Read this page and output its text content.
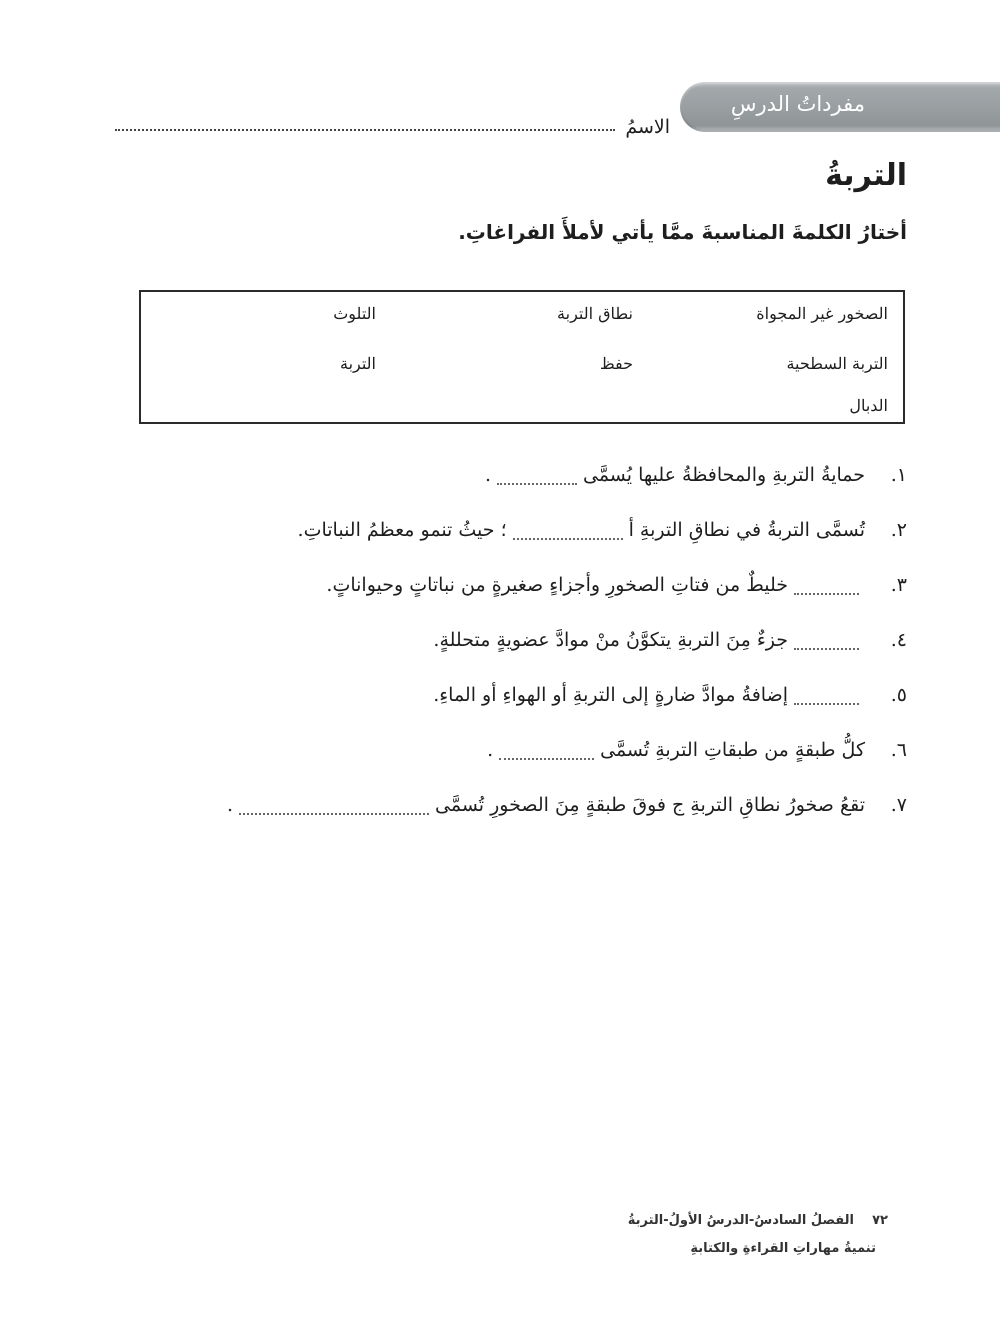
مفرداتُ الدرسِ
الاسمُ
التربةُ
أختارُ الكلمةَ المناسبةَ ممَّا يأتي لأملأَ الفراغاتِ.
الصخور غير المجواة
نطاق التربة
التلوث
التربة السطحية
حفظ
التربة
الدبال
١.
حمايةُ التربةِ والمحافظةُ عليها يُسمَّى
.
٢.
تُسمَّى التربةُ في نطاقِ التربةِ أ
؛ حيثُ تنمو معظمُ النباتاتِ.
٣.
خليطٌ من فتاتِ الصخورِ وأجزاءٍ صغيرةٍ من نباتاتٍ وحيواناتٍ.
٤.
جزءٌ مِنَ التربةِ يتكوَّنُ منْ موادَّ عضويةٍ متحللةٍ.
٥.
إضافةُ موادَّ ضارةٍ إلى التربةِ أو الهواءِ أو الماءِ.
٦.
كلُّ طبقةٍ من طبقاتِ التربةِ تُسمَّى
.
٧.
تقعُ صخورُ نطاقِ التربةِ ج فوقَ طبقةٍ مِنَ الصخورِ تُسمَّى
.
٧٢    الفصلُ السادسُ-الدرسُ الأولُ-التربةُ
تنميةُ مهاراتِ القراءةِ والكتابةِ
